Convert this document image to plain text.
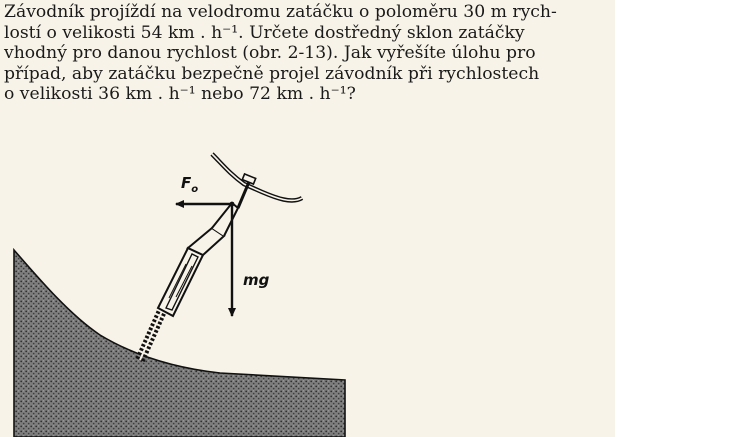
Závodník projíždí na velodromu zatáčku o poloměru 30 m rych-
lostí o velikosti 54 km . h⁻¹. Určete dostředný sklon zatáčky
vhodný pro danou rychlost (obr. 2-13). Jak vyřešíte úlohu pro
případ, aby zatáčku bezpečně projel závodník při rychlostech
o velikosti 36 km . h⁻¹ nebo 72 km . h⁻¹?

$F_o$
mg
